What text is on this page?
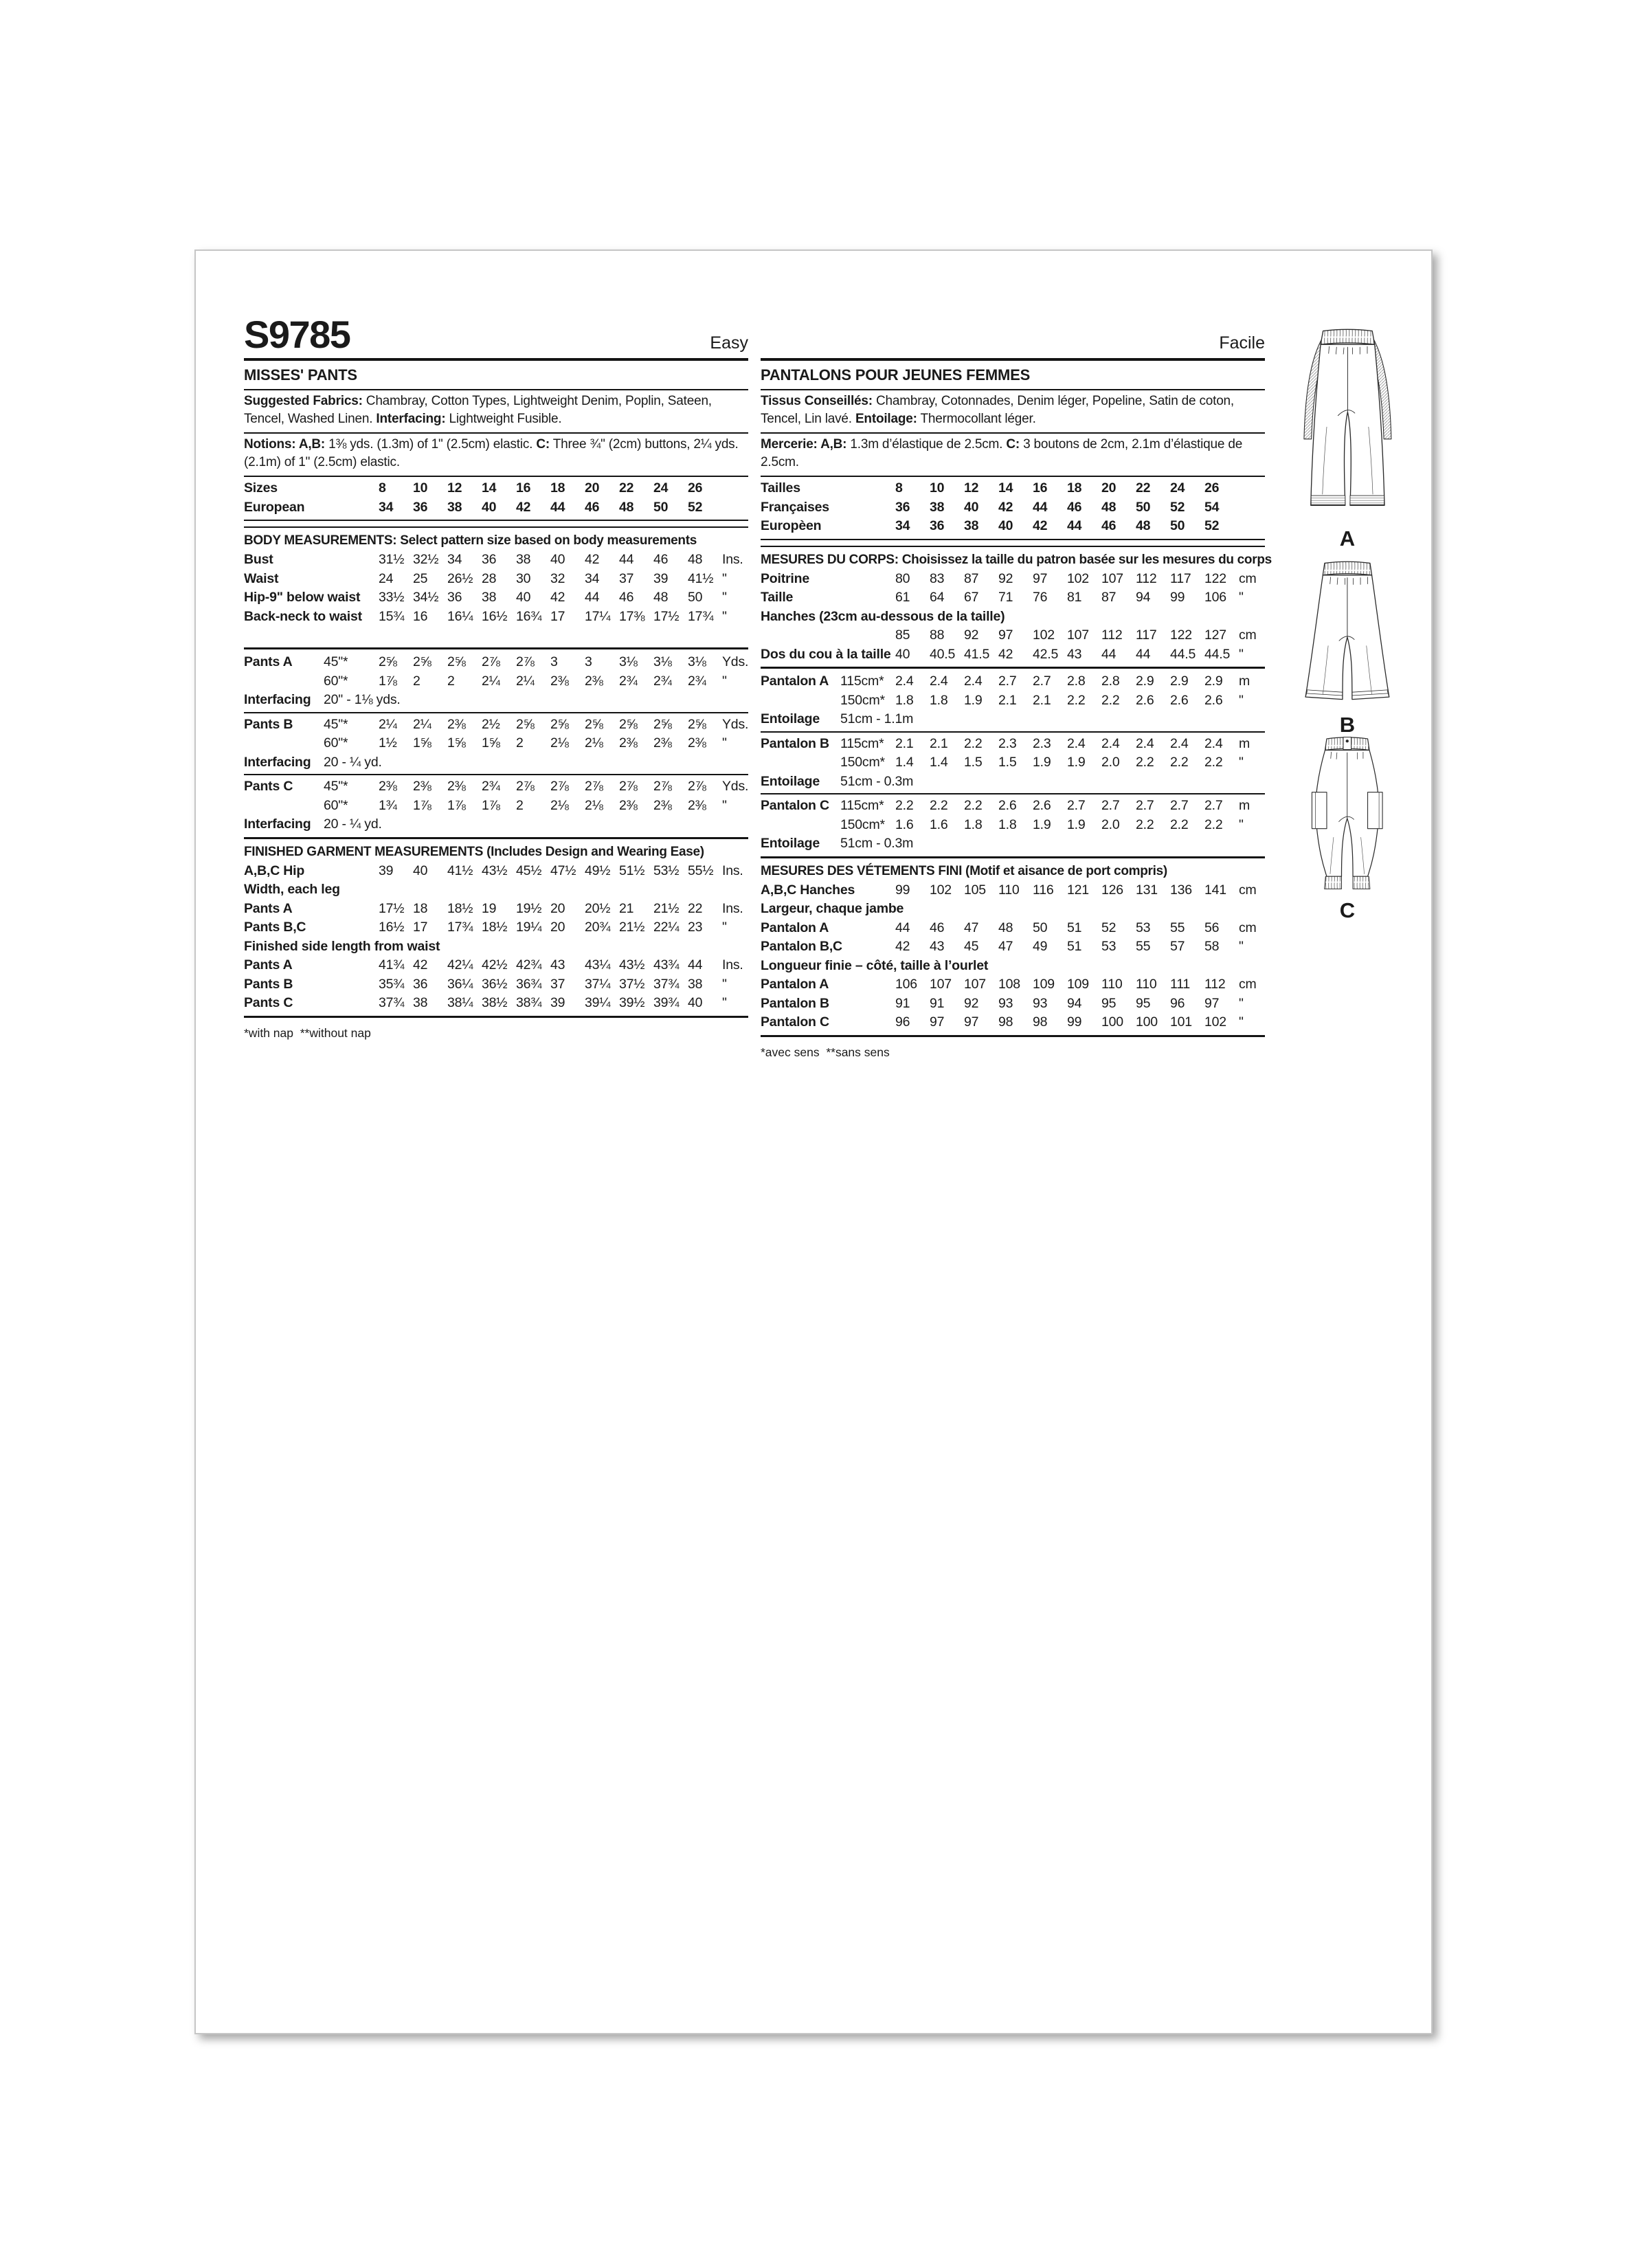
S9785	Easy
MISSES' PANTS

Suggested Fabrics: Chambray, Cotton Types, Lightweight Denim, Poplin, Sateen, Tencel, Washed Linen. Interfacing: Lightweight Fusible.

Notions: A,B: 1⅜ yds. (1.3m) of 1" (2.5cm) elastic. C: Three ¾" (2cm) buttons, 2¼ yds. (2.1m) of 1" (2.5cm) elastic.

Sizes	8	10	12	14	16	18	20	22	24	26
European	34	36	38	40	42	44	46	48	50	52
BODY MEASUREMENTS: Select pattern size based on body measurements
Bust	31½ 32½ 34	36	38	40	42	44	46	48	Ins.
Waist	24	25	26½ 28	30	32	34	37	39	41½ "
Hip-9" below waist	33½ 34½ 36	38	40	42	44	46	48	50	"
Back-neck to waist	15¾ 16	16¼ 16½ 16¾ 17	17¼ 17⅜ 17½ 17¾ "
Pants A	45"*	2⅝	2⅝	2⅝	2⅞	2⅞	3	3	3⅛	3⅛	3⅛	Yds.
60"*	1⅞	2	2	2¼	2¼	2⅜	2⅜	2¾	2¾	2¾	"
Interfacing 20" - 1⅛ yds.
Pants B	45"*	2¼	2¼	2⅜	2½	2⅝	2⅝	2⅝	2⅝	2⅝	2⅝	Yds.
60"*	1½	1⅝	1⅝	1⅝	2	2⅛	2⅛	2⅜	2⅜	2⅜	"
Interfacing 20 - ¼ yd.
Pants C	45"*	2⅜	2⅜	2⅜	2¾	2⅞	2⅞	2⅞	2⅞	2⅞	2⅞	Yds.
60"*	1¾	1⅞	1⅞	1⅞	2	2⅛	2⅛	2⅜	2⅜	2⅜	"
Interfacing 20 - ¼ yd.
FINISHED GARMENT MEASUREMENTS (Includes Design and Wearing Ease)
A,B,C Hip	39	40	41½ 43½ 45½ 47½ 49½ 51½ 53½ 55½ Ins.
Width, each leg
Pants A	17½ 18	18½ 19	19½ 20	20½ 21	21½ 22	Ins.
Pants B,C	16½ 17	17¾ 18½ 19¼ 20	20¾ 21½ 22¼ 23	"
Finished side length from waist
Pants A	41¾ 42	42¼ 42½ 42¾ 43	43¼ 43½ 43¾ 44	Ins.
Pants B	35¾ 36	36¼ 36½ 36¾ 37	37¼ 37½ 37¾ 38	"
Pants C	37¾ 38	38¼ 38½ 38¾ 39	39¼ 39½ 39¾ 40	"
*with nap  **without nap
Facile
PANTALONS POUR JEUNES FEMMES

Tissus Conseillés: Chambray, Cotonnades, Denim léger, Popeline, Satin de coton, Tencel, Lin lavé. Entoilage: Thermocollant léger.

Mercerie: A,B: 1.3m d’élastique de 2.5cm. C: 3 boutons de 2cm, 2.1m d’élastique de 2.5cm.

Tailles	8	10	12	14	16	18	20	22	24	26
Françaises	36	38	40	42	44	46	48	50	52	54
Europèen	34	36	38	40	42	44	46	48	50	52
MESURES DU CORPS: Choisissez la taille du patron basée sur les mesures du corps
Poitrine	80	83	87	92	97	102 107 112	117	122 cm
Taille	61	64	67	71	76	81	87	94	99	106 "
Hanches (23cm au-dessous de la taille)
85	88	92	97	102 107 112	117	122 127 cm
Dos du cou à la taille 40	40.5 41.5 42	42.5 43	44	44	44.5 44.5 "
Pantalon A 115cm* 2.4	2.4	2.4	2.7	2.7	2.8	2.8	2.9	2.9	2.9	m
150cm* 1.8	1.8	1.9	2.1	2.1	2.2	2.2	2.6	2.6	2.6	"
Entoilage	51cm - 1.1m
Pantalon B 115cm* 2.1	2.1	2.2	2.3	2.3	2.4	2.4	2.4	2.4	2.4	m
150cm* 1.4	1.4	1.5	1.5	1.9	1.9	2.0	2.2	2.2	2.2	"
Entoilage	51cm - 0.3m
Pantalon C 115cm* 2.2	2.2	2.2	2.6	2.6	2.7	2.7	2.7	2.7	2.7	m
150cm* 1.6	1.6	1.8	1.8	1.9	1.9	2.0	2.2	2.2	2.2	"
Entoilage	51cm - 0.3m
MESURES DES VÉTEMENTS FINI (Motif et aisance de port compris)
A,B,C Hanches	99	102 105 110	116	121 126 131 136 141 cm
Largeur, chaque jambe
Pantalon A	44	46	47	48	50	51	52	53	55	56	cm
Pantalon B,C	42	43	45	47	49	51	53	55	57	58	"
Longueur finie – côté, taille à l’ourlet
Pantalon A	106 107 107 108 109 109 110	110	111	112	cm
Pantalon B	91	91	92	93	93	94	95	95	96	97	"
Pantalon C	96	97	97	98	98	99	100 100 101 102 "
*avec sens  **sans sens
A
B
C
